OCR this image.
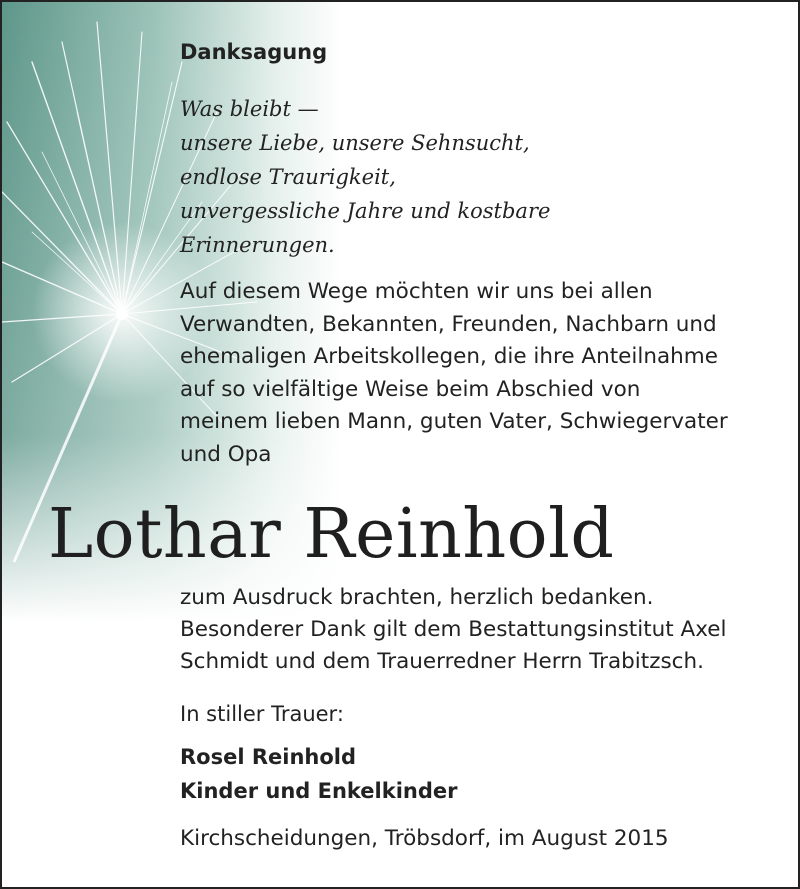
Danksagung
Was bleibt —
unsere Liebe, unsere Sehnsucht,
endlose Traurigkeit,
unvergessliche Jahre und kostbare
Erinnerungen.

Auf diesem Wege möchten wir uns bei allen
Verwandten, Bekannten, Freunden, Nachbarn und
ehemaligen Arbeitskollegen, die ihre Anteilnahme
auf so vielfältige Weise beim Abschied von
meinem lieben Mann, guten Vater, Schwiegervater
und Opa

Lothar Reinhold

zum Ausdruck brachten, herzlich bedanken.
Besonderer Dank gilt dem Bestattungsinstitut Axel
Schmidt und dem Trauerredner Herrn Trabitzsch.

In stiller Trauer:
Rosel Reinhold
Kinder und Enkelkinder
Kirchscheidungen, Tröbsdorf, im August 2015
